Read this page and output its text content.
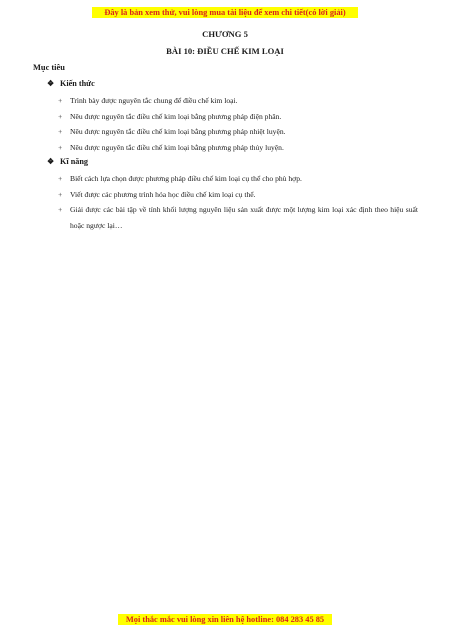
Đây là bản xem thử, vui lòng mua tài liệu để xem chi tiết(có lời giải)
CHƯƠNG 5
BÀI 10: ĐIỀU CHẾ KIM LOẠI
Mục tiêu
❖ Kiến thức
+	Trình bày được nguyên tắc chung để điều chế kim loại.
+	Nêu được nguyên tắc điều chế kim loại bằng phương pháp điện phân.
+	Nêu được nguyên tắc điều chế kim loại bằng phương pháp nhiệt luyện.
+	Nêu được nguyên tắc điều chế kim loại bằng phương pháp thủy luyện.
❖ Kĩ năng
+	Biết cách lựa chọn được phương pháp điều chế kim loại cụ thể cho phù hợp.
+	Viết được các phương trình hóa học điều chế kim loại cụ thể.
+	Giải được các bài tập về tính khối lượng nguyên liệu sản xuất được một lượng kim loại xác định theo hiệu suất hoặc ngược lại…
Mọi thắc mắc vui lòng xin liên hệ hotline: 084 283 45 85
